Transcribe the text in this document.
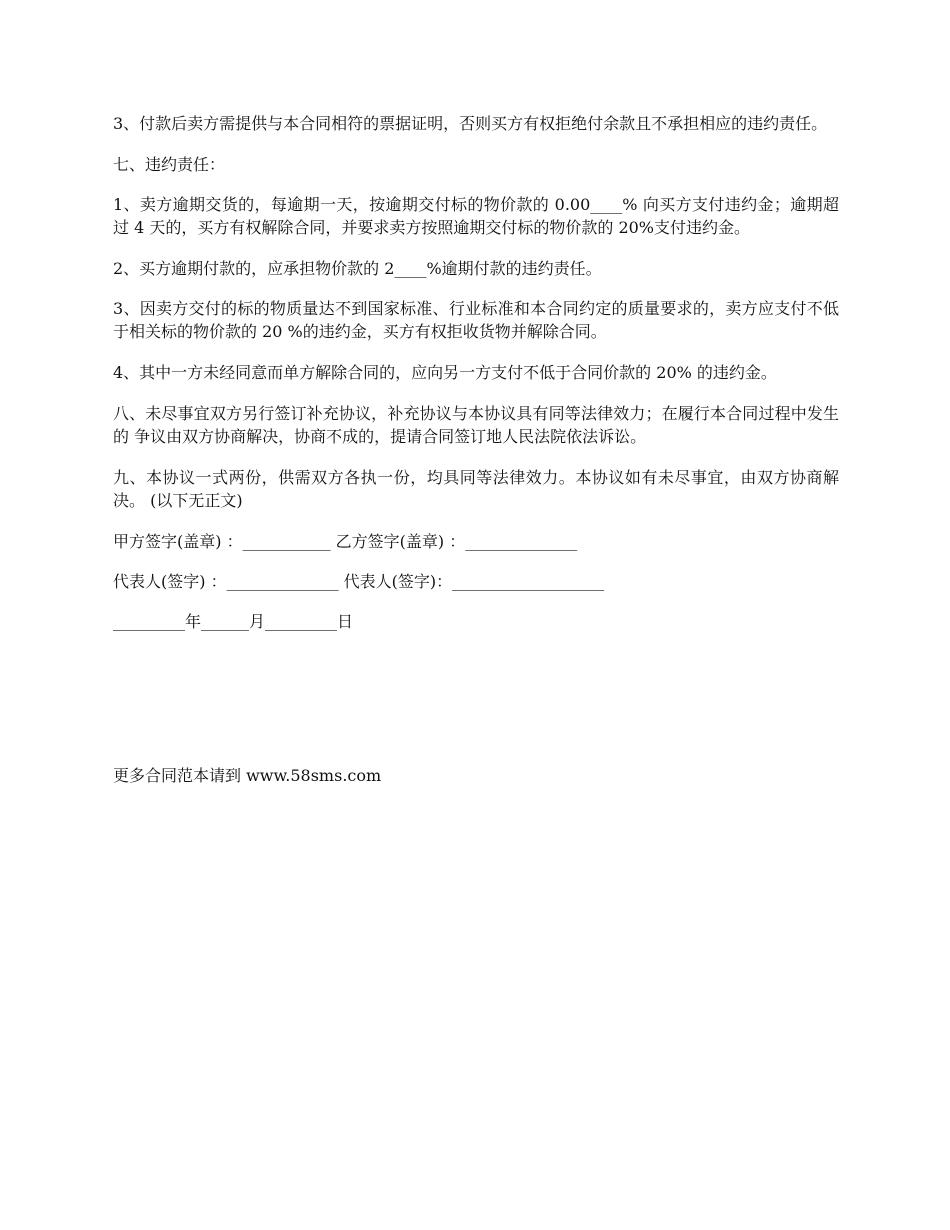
3、付款后卖方需提供与本合同相符的票据证明，否则买方有权拒绝付余款且不承担相应的违约责任。

七、违约责任：

1、卖方逾期交货的，每逾期一天，按逾期交付标的物价款的 0.00____% 向买方支付违约金；逾期超过 4 天的，买方有权解除合同，并要求卖方按照逾期交付标的物价款的 20%支付违约金。

2、买方逾期付款的，应承担物价款的 2____%逾期付款的违约责任。

3、因卖方交付的标的物质量达不到国家标准、行业标准和本合同约定的质量要求的，卖方应支付不低于相关标的物价款的 20 %的违约金，买方有权拒收货物并解除合同。

4、其中一方未经同意而单方解除合同的，应向另一方支付不低于合同价款的 20% 的违约金。

八、未尽事宜双方另行签订补充协议，补充协议与本协议具有同等法律效力；在履行本合同过程中发生的 争议由双方协商解决，协商不成的，提请合同签订地人民法院依法诉讼。

九、本协议一式两份，供需双方各执一份，均具同等法律效力。本协议如有未尽事宜，由双方协商解决。 (以下无正文)

甲方签字(盖章) ：___________ 乙方签字(盖章) ：______________
代表人(签字) ：______________ 代表人(签字)：___________________
_________年______月_________日
更多合同范本请到 www.58sms.com
